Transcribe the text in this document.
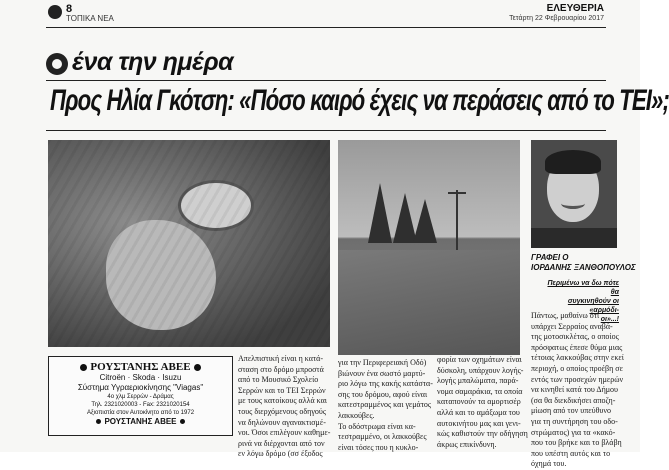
8
ΤΟΠΙΚΑ ΝΕΑ
ΕΛΕΥΘΕΡΙΑ
Τετάρτη 22 Φεβρουαρίου 2017
ένα την ημέρα
Προς Ηλία Γκότση: «Πόσο καιρό έχεις να περάσεις από το ΤΕΙ»;
ΓΡΑΦΕΙ Ο
ΙΟΡΔΑΝΗΣ ΞΑΝΘΟΠΟΥΛΟΣ
Περιμένω να δω πότε θα
συγκινηθούν οι «αρμόδι-
οι»...!
ΡΟΥΣΤΑΝΗΣ ΑΒΕΕ
Citroën · Skoda · Isuzu
Σύστημα Υγραεριοκίνησης "Viagas"
4ο χλμ Σερρών - Δράμας
Τηλ. 2321020003 - Fax: 2321020154
Αξιοπιστία στον Αυτοκίνητο από το 1972
ΡΟΥΣΤΑΝΗΣ ΑΒΕΕ
Απελπιστική είναι η κατά-
σταση στο δρόμο μπροστά
από το Μουσικό Σχολείο
Σερρών και το ΤΕΙ Σερρών
με τους κατοίκους αλλά και
τους διερχόμενους οδηγούς
να δηλώνουν αγανακτισμέ-
νοι. Όσοι επιλέγουν καθημε-
ρινά να διέρχονται από τον
εν λόγω δρόμο (σσ έξοδος
για την Περιφερειακή Οδό)
βιώνουν ένα σωστό μαρτύ-
ριο λόγω της κακής κατάστα-
σης του δρόμου, αφού είναι
κατεστραμμένος και γεμάτος
λακκούβες.
Το οδόστρωμα είναι κα-
τεστραμμένο, οι λακκούβες
είναι τόσες που η κυκλο-
φορία των οχημάτων είναι
δύσκολη, υπάρχουν λογής-
λογής μπαλώματα, παρά-
νομα σαμαράκια, τα οποία
καταπονούν τα αμορτισέρ
αλλά και το αμάξωμα του
αυτοκινήτου μας και γενι-
κώς καθιστούν την οδήγηση
άκρως επικίνδυνη.
Πάντως, μαθαίνω ότι
υπάρχει Σερραίος αναβά-
της μοτοσικλέτας, ο οποίος
πρόσφατως έπεσε θύμα μιας
τέτοιας λακκούβας στην εκεί
περιοχή, ο οποίος προέβη σε
εντός των προσεχών ημερών
να κινηθεί κατά του Δήμου
(σα θα διεκδικήσει αποζη-
μίωση από τον υπεύθυνο
για τη συντήρηση του οδο-
στρώματος) για τα «κακό-
που του βρήκε και το βλάβη
που υπέστη αυτός και το
όχημά του.
